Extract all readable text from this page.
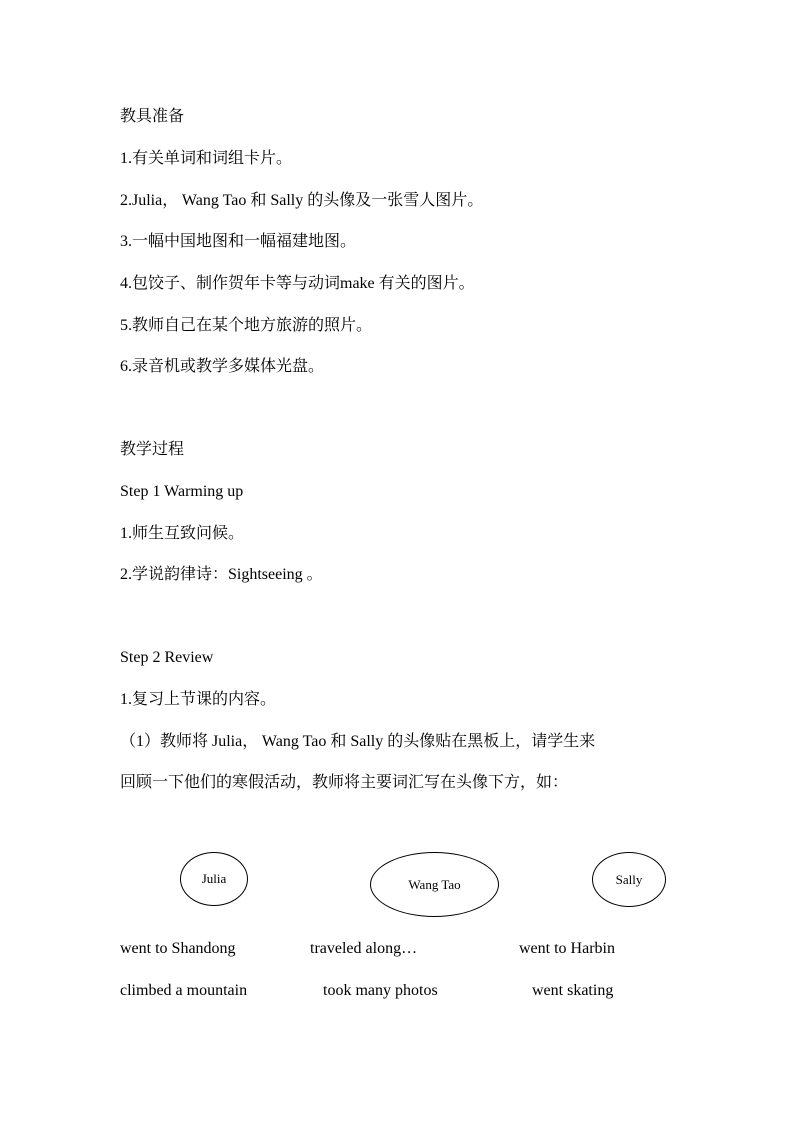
教具准备
1.有关单词和词组卡片。
2.Julia， Wang Tao 和 Sally 的头像及一张雪人图片。
3.一幅中国地图和一幅福建地图。
4.包饺子、制作贺年卡等与动词make 有关的图片。
5.教师自己在某个地方旅游的照片。
6.录音机或教学多媒体光盘。
教学过程
Step 1 Warming up
1.师生互致问候。
2.学说韵律诗：Sightseeing 。
Step 2 Review
1.复习上节课的内容。
（1）教师将 Julia， Wang Tao 和 Sally 的头像贴在黑板上，请学生来
回顾一下他们的寒假活动，教师将主要词汇写在头像下方，如：
Julia	Wang Tao	Sally
went to Shandong	traveled along…	went to Harbin
climbed a mountain	took many photos	went skating
